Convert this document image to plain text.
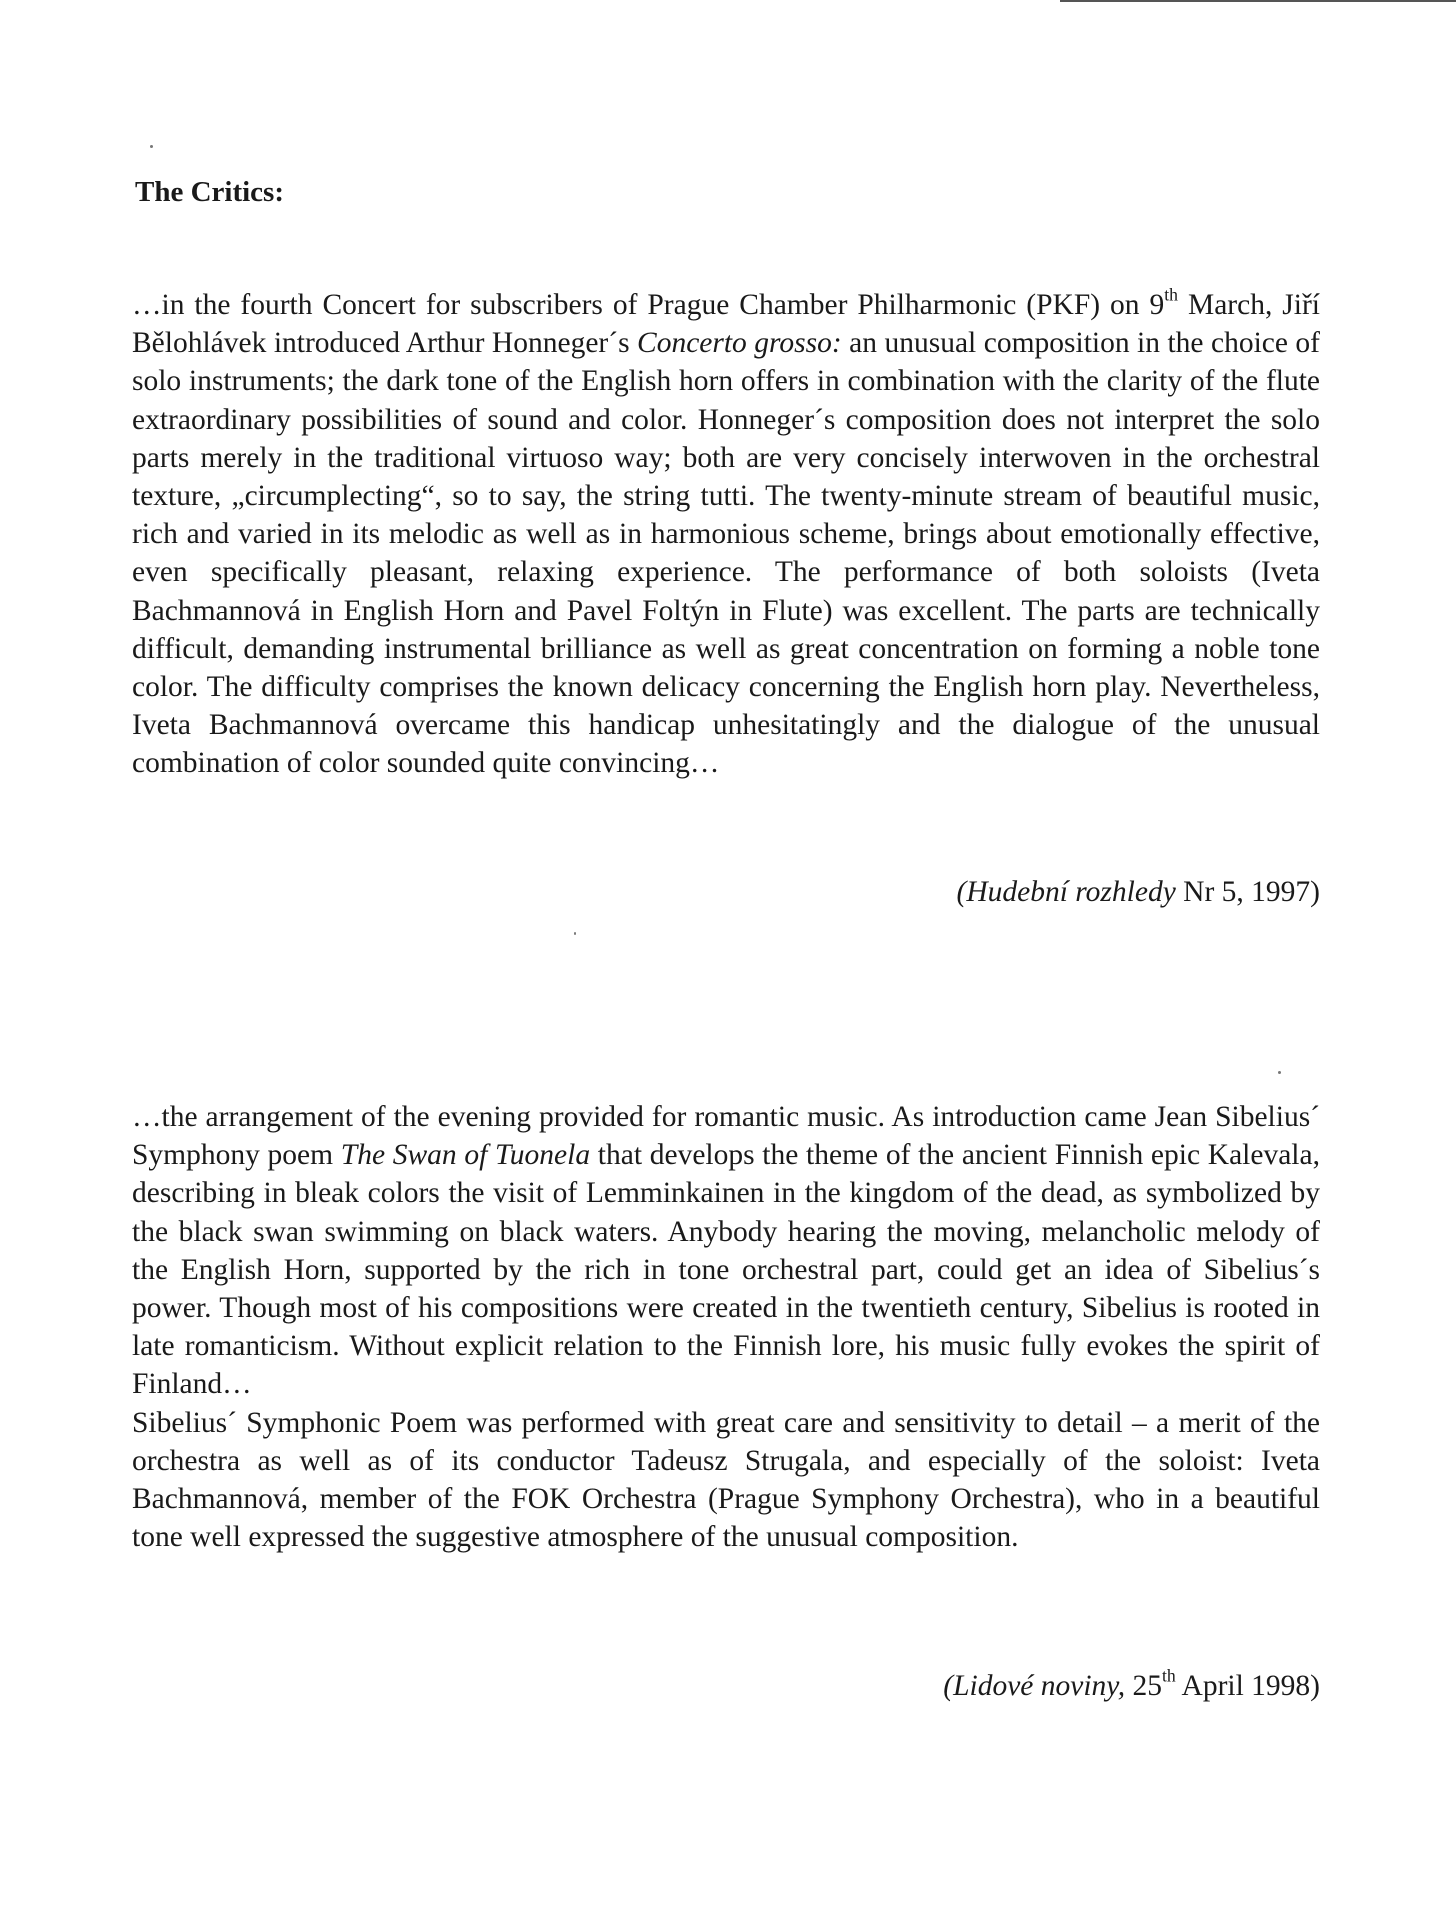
The Critics:

…in the fourth Concert for subscribers of Prague Chamber Philharmonic (PKF) on 9th March, Jiří Bělohlávek introduced Arthur Honneger´s Concerto grosso: an unusual composition in the choice of solo instruments; the dark tone of the English horn offers in combination with the clarity of the flute extraordinary possibilities of sound and color. Honneger´s composition does not interpret the solo parts merely in the traditional virtuoso way; both are very concisely interwoven in the orchestral texture, „circumplecting“, so to say, the string tutti. The twenty-minute stream of beautiful music, rich and varied in its melodic as well as in harmonious scheme, brings about emotionally effective, even specifically pleasant, relaxing experience. The performance of both soloists (Iveta Bachmannová in English Horn and Pavel Foltýn in Flute) was excellent. The parts are technically difficult, demanding instrumental brilliance as well as great concentration on forming a noble tone color. The difficulty comprises the known delicacy concerning the English horn play. Nevertheless, Iveta Bachmannová overcame this handicap unhesitatingly and the dialogue of the unusual combination of color sounded quite convincing…

(Hudební rozhledy Nr 5, 1997)

…the arrangement of the evening provided for romantic music. As introduction came Jean Sibelius´ Symphony poem The Swan of Tuonela that develops the theme of the ancient Finnish epic Kalevala, describing in bleak colors the visit of Lemminkainen in the kingdom of the dead, as symbolized by the black swan swimming on black waters. Anybody hearing the moving, melancholic melody of the English Horn, supported by the rich in tone orchestral part, could get an idea of Sibelius´s power. Though most of his compositions were created in the twentieth century, Sibelius is rooted in late romanticism. Without explicit relation to the Finnish lore, his music fully evokes the spirit of Finland…

Sibelius´ Symphonic Poem was performed with great care and sensitivity to detail – a merit of the orchestra as well as of its conductor Tadeusz Strugala, and especially of the soloist: Iveta Bachmannová, member of the FOK Orchestra (Prague Symphony Orchestra), who in a beautiful tone well expressed the suggestive atmosphere of the unusual composition.

(Lidové noviny, 25th April 1998)
